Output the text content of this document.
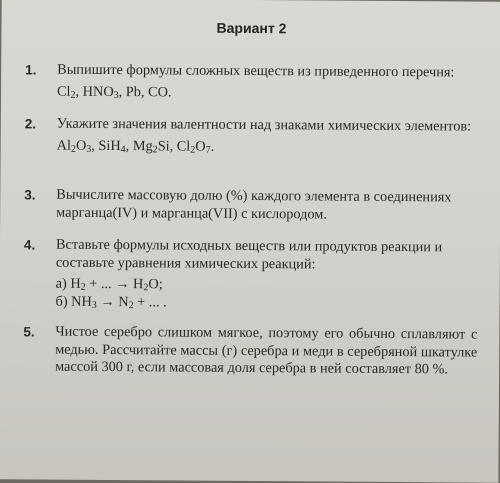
Вариант 2
1.	Выпишите формулы сложных веществ из приведенного перечня:
$Cl_2$, $HNO_3$, Pb, CO.
2.	Укажите значения валентности над знаками химических элементов:
$Al_2O_3$, SiH$_4$, $Mg_2Si$, $Cl_2O_7$.
3.	Вычислите массовую долю (%) каждого элемента в соединениях марганца(IV) и марганца(VII) с кислородом.
4.	Вставьте формулы исходных веществ или продуктов реакции и составьте уравнения химических реакций:
а) $H_2$ + ... → $H_2O$;
б) $NH_3 \to N_2$ + ... .
5.	Чистое серебро слишком мягкое, поэтому его обычно сплавляют с медью. Рассчитайте массы (г) серебра и меди в серебряной шкатулке массой 300 г, если массовая доля серебра в ней составляет 80 %.
